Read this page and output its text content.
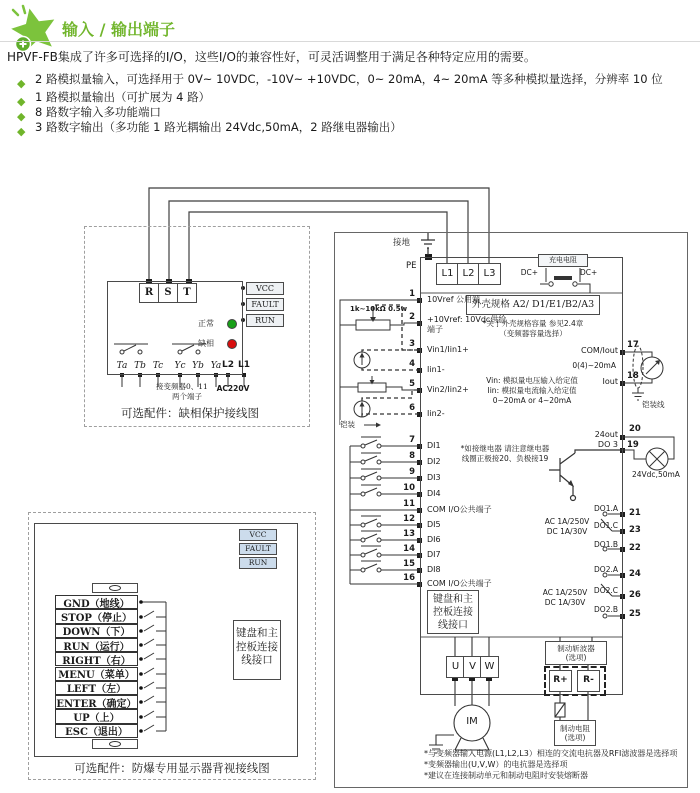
输入 / 输出端子
HPVF-FB集成了许多可选择的I/O，这些I/O的兼容性好，可灵活调整用于满足各种特定应用的需要。
◆ 2 路模拟量输入，可选择用于 0V~ 10VDC，-10V~ +10VDC，0~ 20mA，4~ 20mA 等多种模拟量选择，分辨率 10 位
◆ 1 路模拟量输出（可扩展为 4 路）
◆ 8 路数字输入多功能端口
◆ 3 路数字输出（多功能 1 路光耦输出 24Vdc,50mA，2 路继电器输出）
R	S	T	VCC
FAULT
RUN
正常
缺相
Ta Tb Tc	Yc Yb Ya L2 L1
接变频器0、11
两个端子
AC220V
可选配件：缺相保护接线图
VCC
FAULT
RUN
GND（地线）
STOP（停止）
DOWN（下）
RUN（运行）
RIGHT（右）
MENU（菜单）
LEFT（左）
ENTER（确定）
UP（上）
ESC（退出）
键盘和主
控板连接
线接口
可选配件：防爆专用显示器背视接线图
接地
PE
L1 L2 L3
充电电阻
DC+	DC+
外壳规格 A2/ D1/E1/B2/A3
*关于外壳规格容量 参见2.4章
（变频器容量选择）
1k~10kΩ 0.5w
铠装
1
2
3
4
5
6
7
8
9
10
11
12
13
14
15
16
10Vref 公用端
+10Vref: 10Vdc供给端子
Vin1/Iin1+
Iin1-
Vin2/Iin2+
Iin2-
DI1
DI2
DI3
DI4
COM I/O公共端子
DI5
DI6
DI7
DI8
COM I/O公共端子
Vin: 模拟量电压输入给定值
Iin: 模拟量电流输入给定值
0~20mA or 4~20mA
17
COM/Iout
0(4)~20mA
18
Iout
铠装线
20
24out
19
DO 3
24Vdc,50mA
*如接继电器 请注意继电器
线圈正极接20、负极接19
DO1.A 21
DO1.C 23
DO1.B 22
AC 1A/250V
DC 1A/30V
DO2.A 24
DO2.C 26
DO2.B 25
AC 1A/250V
DC 1A/30V
键盘和主
控板连接
线接口
U V W
IM
制动斩波器
(选项)
R+	R-
制动电阻
(选项)
*与变频器输入电源(L1,L2,L3）相连的交流电抗器及RFI滤波器是选择项
*变频器输出(U,V,W）的电抗器是选择项
*建议在连接制动单元和制动电阻时安装熔断器
